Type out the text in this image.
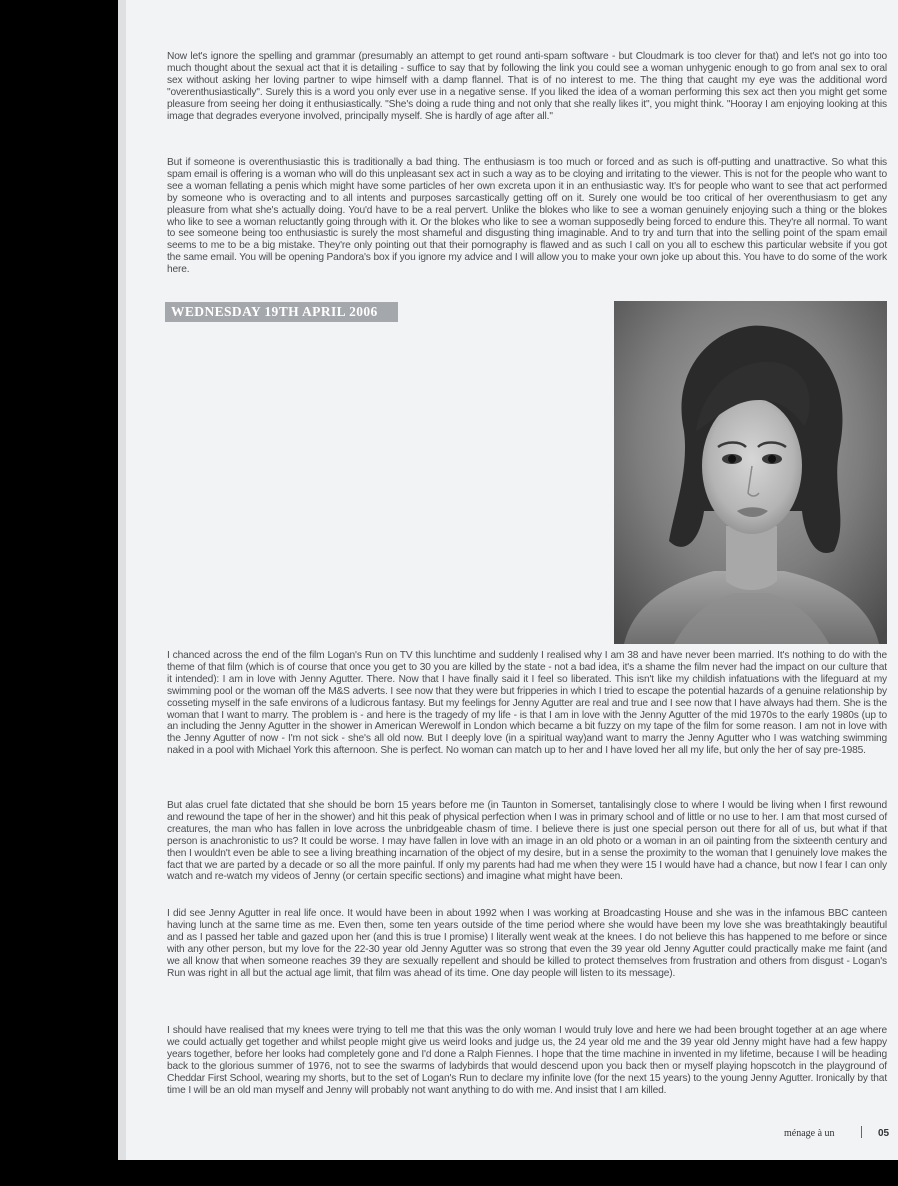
Now let's ignore the spelling and grammar (presumably an attempt to get round anti-spam software - but Cloudmark is too clever for that) and let's not go into too much thought about the sexual act that it is detailing - suffice to say that by following the link you could see a woman unhygenic enough to go from anal sex to oral sex without asking her loving partner to wipe himself with a damp flannel. That is of no interest to me. The thing that caught my eye was the additional word "overenthusiastically". Surely this is a word you only ever use in a negative sense. If you liked the idea of a woman performing this sex act then you might get some pleasure from seeing her doing it enthusiastically. "She's doing a rude thing and not only that she really likes it", you might think. "Hooray I am enjoying looking at this image that degrades everyone involved, principally myself. She is hardly of age after all."

But if someone is overenthusiastic this is traditionally a bad thing. The enthusiasm is too much or forced and as such is off-putting and unattractive. So what this spam email is offering is a woman who will do this unpleasant sex act in such a way as to be cloying and irritating to the viewer. This is not for the people who want to see a woman fellating a penis which might have some particles of her own excreta upon it in an enthusiastic way. It's for people who want to see that act performed by someone who is overacting and to all intents and purposes sarcastically getting off on it. Surely one would be too critical of her overenthusiasm to get any pleasure from what she's actually doing. You'd have to be a real pervert. Unlike the blokes who like to see a woman genuinely enjoying such a thing or the blokes who like to see a woman reluctantly going through with it. Or the blokes who like to see a woman supposedly being forced to endure this. They're all normal. To want to see someone being too enthusiastic is surely the most shameful and disgusting thing imaginable. And to try and turn that into the selling point of the spam email seems to me to be a big mistake. They're only pointing out that their pornography is flawed and as such I call on you all to eschew this particular website if you got the same email. You will be opening Pandora's box if you ignore my advice and I will allow you to make your own joke up about this. You have to do some of the work here.

WEDNESDAY 19TH APRIL 2006

I chanced across the end of the film Logan's Run on TV this lunchtime and suddenly I realised why I am 38 and have never been married. It's nothing to do with the theme of that film (which is of course that once you get to 30 you are killed by the state - not a bad idea, it's a shame the film never had the impact on our culture that it intended): I am in love with Jenny Agutter. There. Now that I have finally said it I feel so liberated. This isn't like my childish infatuations with the lifeguard at my swimming pool or the woman off the M&S adverts. I see now that they were but fripperies in which I tried to escape the potential hazards of a genuine relationship by cosseting myself in the safe environs of a ludicrous fantasy. But my feelings for Jenny Agutter are real and true and I see now that I have always had them. She is the woman that I want to marry. The problem is - and here is the tragedy of my life - is that I am in love with the Jenny Agutter of the mid 1970s to the early 1980s (up to an including the Jenny Agutter in the shower in American Werewolf in London which became a bit fuzzy on my tape of the film for some reason. I am not in love with the Jenny Agutter of now - I'm not sick - she's all old now. But I deeply love (in a spiritual way)and want to marry the Jenny Agutter who I was watching swimming naked in a pool with Michael York this afternoon. She is perfect. No woman can match up to her and I have loved her all my life, but only the her of say pre-1985.

But alas cruel fate dictated that she should be born 15 years before me (in Taunton in Somerset, tantalisingly close to where I would be living when I first rewound and rewound the tape of her in the shower) and hit this peak of physical perfection when I was in primary school and of little or no use to her. I am that most cursed of creatures, the man who has fallen in love across the unbridgeable chasm of time. I believe there is just one special person out there for all of us, but what if that person is anachronistic to us? It could be worse. I may have fallen in love with an image in an old photo or a woman in an oil painting from the sixteenth century and then I wouldn't even be able to see a living breathing incarnation of the object of my desire, but in a sense the proximity to the woman that I genuinely love makes the fact that we are parted by a decade or so all the more painful. If only my parents had had me when they were 15 I would have had a chance, but now I fear I can only watch and re-watch my videos of Jenny (or certain specific sections) and imagine what might have been.

I did see Jenny Agutter in real life once. It would have been in about 1992 when I was working at Broadcasting House and she was in the infamous BBC canteen having lunch at the same time as me. Even then, some ten years outside of the time period where she would have been my love she was breathtakingly beautiful and as I passed her table and gazed upon her (and this is true I promise) I literally went weak at the knees. I do not believe this has happened to me before or since with any other person, but my love for the 22-30 year old Jenny Agutter was so strong that even the 39 year old Jenny Agutter could practically make me faint (and we all know that when someone reaches 39 they are sexually repellent and should be killed to protect themselves from frustration and others from disgust - Logan's Run was right in all but the actual age limit, that film was ahead of its time. One day people will listen to its message).

I should have realised that my knees were trying to tell me that this was the only woman I would truly love and here we had been brought together at an age where we could actually get together and whilst people might give us weird looks and judge us, the 24 year old me and the 39 year old Jenny might have had a few happy years together, before her looks had completely gone and I'd done a Ralph Fiennes. I hope that the time machine in invented in my lifetime, because I will be heading back to the glorious summer of 1976, not to see the swarms of ladybirds that would descend upon you back then or myself playing hopscotch in the playground of Cheddar First School, wearing my shorts, but to the set of Logan's Run to declare my infinite love (for the next 15 years) to the young Jenny Agutter. Ironically by that time I will be an old man myself and Jenny will probably not want anything to do with me. And insist that I am killed.

ménage à un	05
